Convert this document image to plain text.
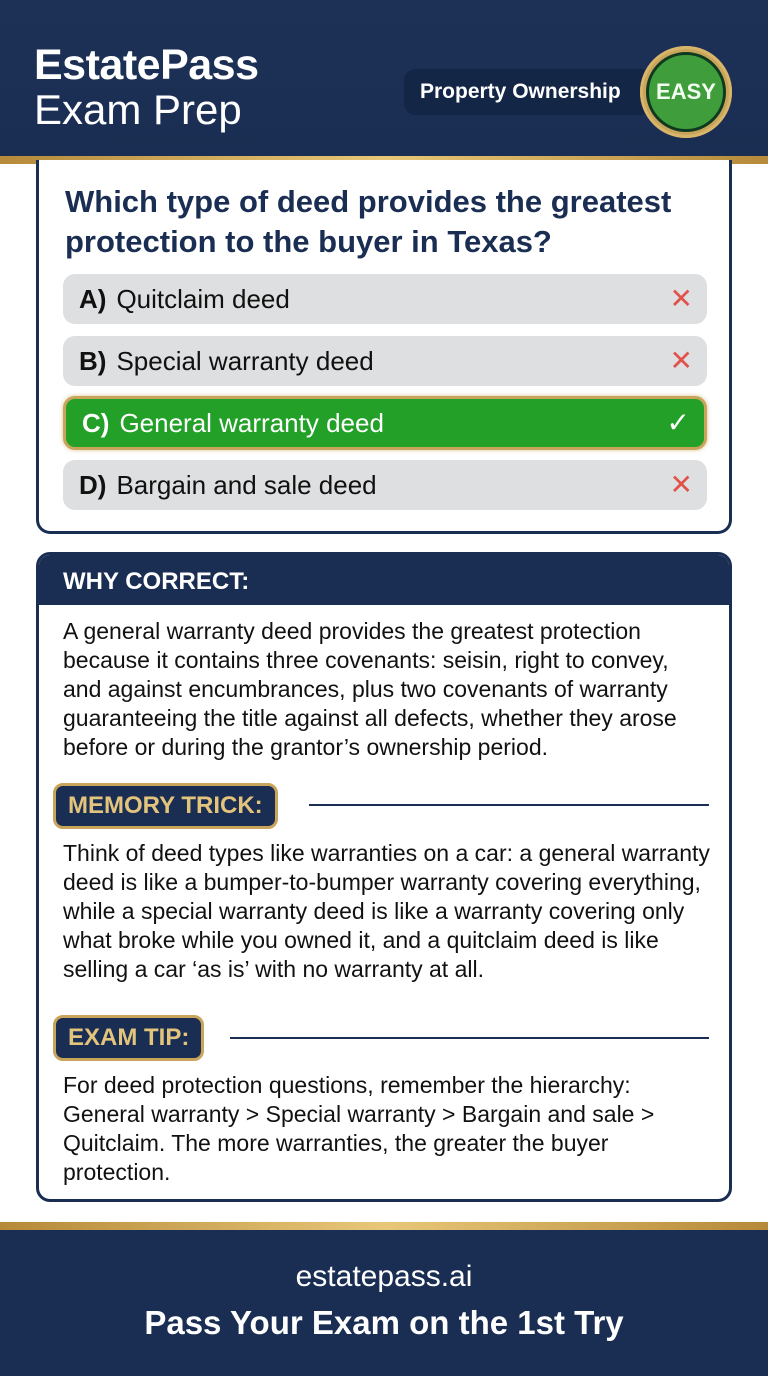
EstatePass
Exam Prep	Property Ownership	EASY
Which type of deed provides the greatest protection to the buyer in Texas?
A) Quitclaim deed	✕
B) Special warranty deed	✕
C) General warranty deed	✓
D) Bargain and sale deed	✕
WHY CORRECT:
A general warranty deed provides the greatest protection because it contains three covenants: seisin, right to convey, and against encumbrances, plus two covenants of warranty guaranteeing the title against all defects, whether they arose before or during the grantor’s ownership period.
MEMORY TRICK:
Think of deed types like warranties on a car: a general warranty deed is like a bumper-to-bumper warranty covering everything, while a special warranty deed is like a warranty covering only what broke while you owned it, and a quitclaim deed is like selling a car ‘as is’ with no warranty at all.
EXAM TIP:
For deed protection questions, remember the hierarchy: General warranty > Special warranty > Bargain and sale > Quitclaim. The more warranties, the greater the buyer protection.
estatepass.ai
Pass Your Exam on the 1st Try
